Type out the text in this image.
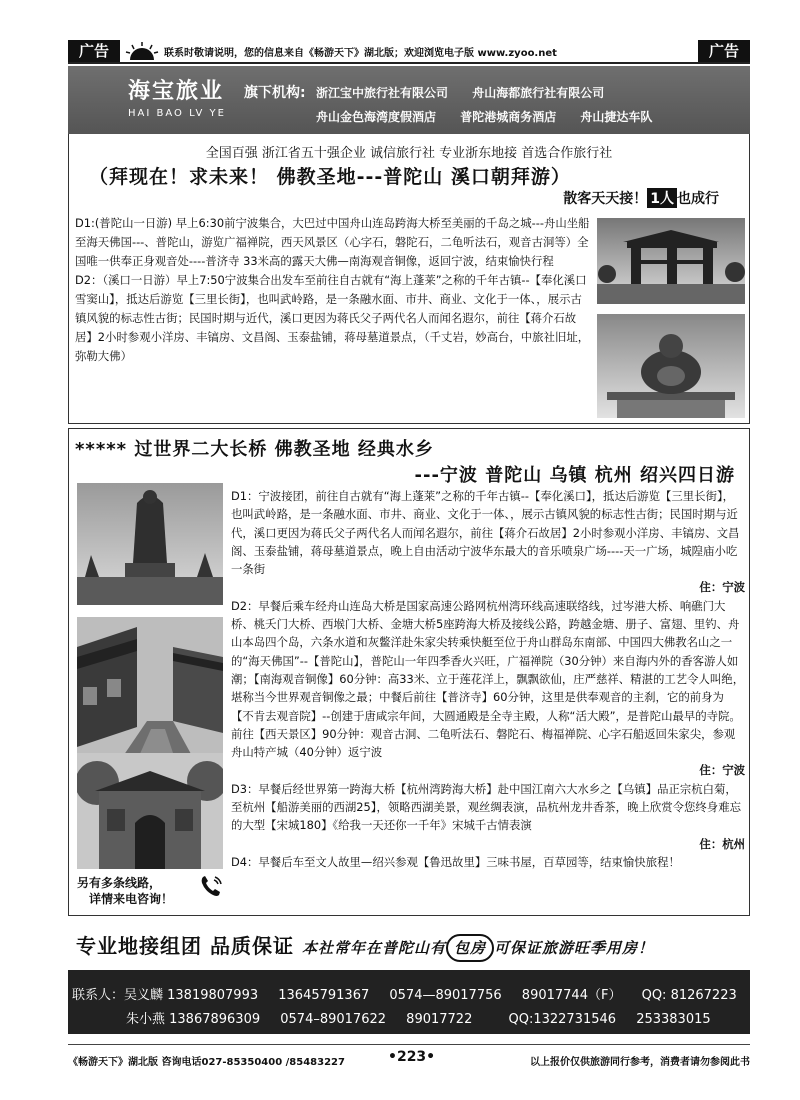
广告	联系时敬请说明，您的信息来自《畅游天下》湖北版；欢迎浏览电子版 www.zyoo.net	广告
海宝旅业
HAI BAO LV YE
旗下机构: 浙江宝中旅行社有限公司 舟山海都旅行社有限公司
舟山金色海湾度假酒店 普陀港城商务酒店 舟山捷达车队
全国百强 浙江省五十强企业 诚信旅行社 专业浙东地接 首选合作旅行社
（拜现在！求未来！ 佛教圣地---普陀山 溪口朝拜游）
散客天天接！ 1人 也成行

D1:(普陀山一日游) 早上6:30前宁波集合，大巴过中国舟山连岛跨海大桥至美丽的千岛之城---舟山坐船至海天佛国---、普陀山，游览广福禅院，西天风景区（心字石，磐陀石，二龟听法石，观音古洞等）全国唯一供奉正身观音处----普济寺 33米高的露天大佛—南海观音铜像，返回宁波，结束愉快行程

D2：（溪口一日游）早上7:50宁波集合出发车至前往自古就有“海上蓬莱”之称的千年古镇--【奉化溪口雪窦山】，抵达后游览【三里长街】，也叫武岭路，是一条融水面、市井、商业、文化于一体、，展示古镇风貌的标志性古街；民国时期与近代，溪口更因为蒋氏父子两代名人而闻名遐尔，前往【蒋介石故居】2小时参观小洋房、丰镐房、文昌阁、玉泰盐铺，蒋母墓道景点，（千丈岩，妙高台，中旅社旧址，弥勒大佛）

***** 过世界二大长桥 佛教圣地 经典水乡
---宁波 普陀山 乌镇 杭州 绍兴四日游
另有多条线路，
详情来电咨询！

D1：宁波接团，前往自古就有“海上蓬莱”之称的千年古镇--【奉化溪口】，抵达后游览【三里长街】，也叫武岭路，是一条融水面、市井、商业、文化于一体、，展示古镇风貌的标志性古街；民国时期与近代，溪口更因为蒋氏父子两代名人而闻名遐尔，前往【蒋介石故居】2小时参观小洋房、丰镐房、文昌阁、玉泰盐铺，蒋母墓道景点，晚上自由活动宁波华东最大的音乐喷泉广场----天一广场，城隍庙小吃一条街

住：宁波

D2：早餐后乘车经舟山连岛大桥是国家高速公路网杭州湾环线高速联络线，过岑港大桥、响礁门大桥、桃夭门大桥、西堠门大桥、金塘大桥5座跨海大桥及接线公路，跨越金塘、册子、富翅、里钓、舟山本岛四个岛，六条水道和灰鳖洋赴朱家尖转乘快艇至位于舟山群岛东南部、中国四大佛教名山之一的“海天佛国”--【普陀山】，普陀山一年四季香火兴旺，广福禅院（30分钟）来自海内外的香客游人如潮；【南海观音铜像】60分钟：高33米、立于莲花洋上，飘飘欲仙，庄严慈祥、精湛的工艺令人叫绝，堪称当今世界观音铜像之最；中餐后前往【普济寺】60分钟，这里是供奉观音的主刹，它的前身为【不肯去观音院】--创建于唐咸宗年间，大圆通殿是全寺主殿，人称“活大殿”，是普陀山最早的寺院。前往【西天景区】90分钟：观音古洞、二龟听法石、磐陀石、梅福禅院、心字石船返回朱家尖，参观舟山特产城（40分钟）返宁波

住：宁波

D3：早餐后经世界第一跨海大桥【杭州湾跨海大桥】赴中国江南六大水乡之【乌镇】品正宗杭白菊，至杭州【船游美丽的西湖25】，领略西湖美景，观丝绸表演，品杭州龙井香茶，晚上欣赏令您终身难忘的大型【宋城180】《给我一天还你一千年》宋城千古情表演

住：杭州

D4：早餐后车至文人故里—绍兴参观【鲁迅故里】三味书屋，百草园等，结束愉快旅程！

专业地接组团 品质保证 本社常年在普陀山有 包房 可保证旅游旺季用房！
联系人：吴义麟 13819807993 13645791367 0574—89017756 89017744（F） QQ: 81267223
朱小燕 13867896309 0574–89017622 89017722	QQ:1322731546 253383015
《畅游天下》湖北版 咨询电话027-85350400 /85483227	•223•	以上报价仅供旅游同行参考，消费者请勿参阅此书
